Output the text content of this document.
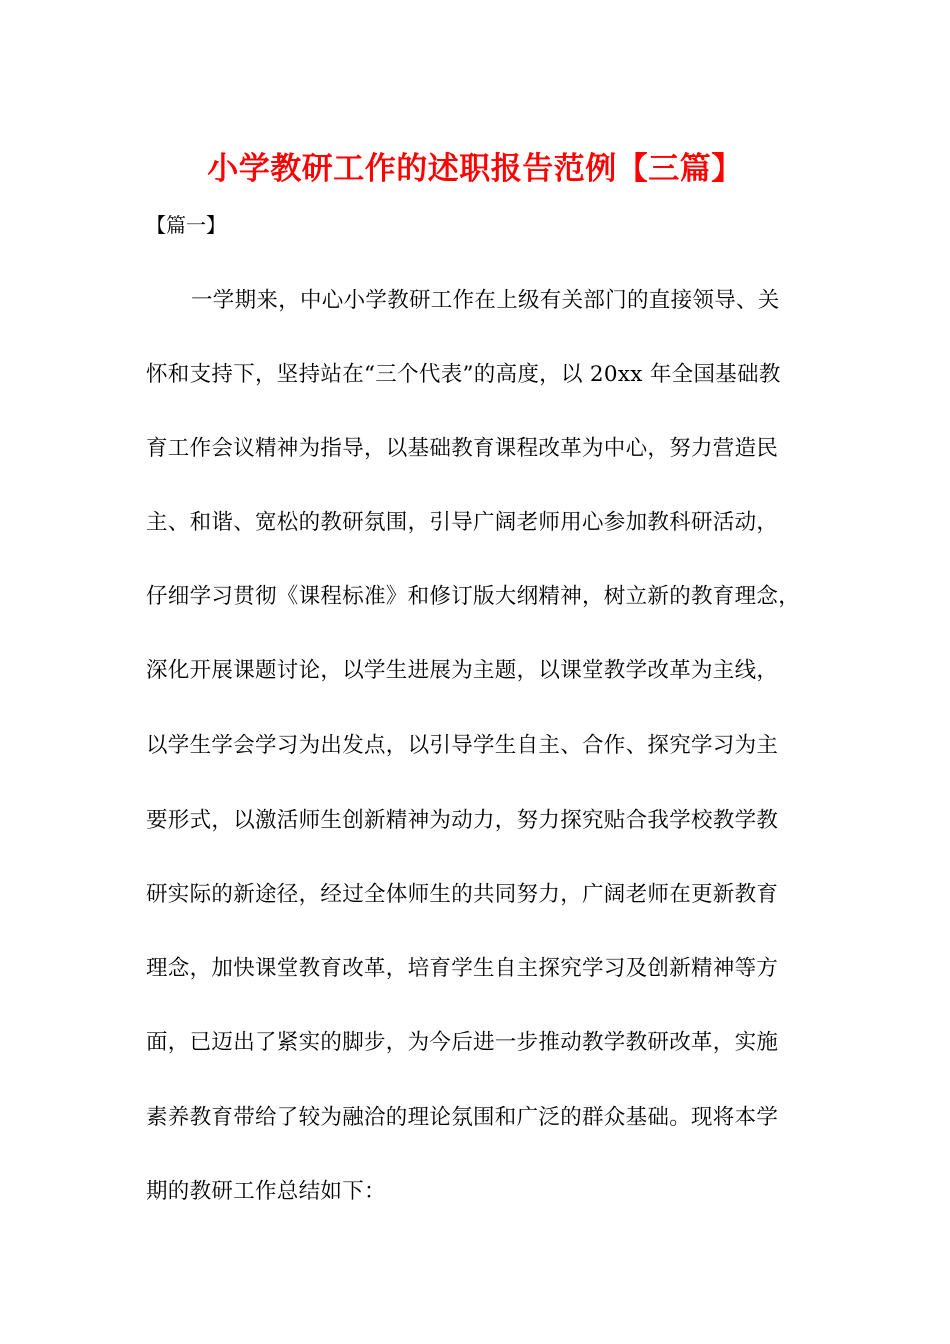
小学教研工作的述职报告范例【三篇】
【篇一】
一学期来，中心小学教研工作在上级有关部门的直接领导、关
怀和支持下，坚持站在“三个代表”的高度，以 20xx 年全国基础教
育工作会议精神为指导，以基础教育课程改革为中心，努力营造民
主、和谐、宽松的教研氛围，引导广阔老师用心参加教科研活动，
仔细学习贯彻《课程标准》和修订版大纲精神，树立新的教育理念，
深化开展课题讨论，以学生进展为主题，以课堂教学改革为主线，
以学生学会学习为出发点，以引导学生自主、合作、探究学习为主
要形式，以激活师生创新精神为动力，努力探究贴合我学校教学教
研实际的新途径，经过全体师生的共同努力，广阔老师在更新教育
理念，加快课堂教育改革，培育学生自主探究学习及创新精神等方
面，已迈出了紧实的脚步，为今后进一步推动教学教研改革，实施
素养教育带给了较为融洽的理论氛围和广泛的群众基础。现将本学
期的教研工作总结如下：
